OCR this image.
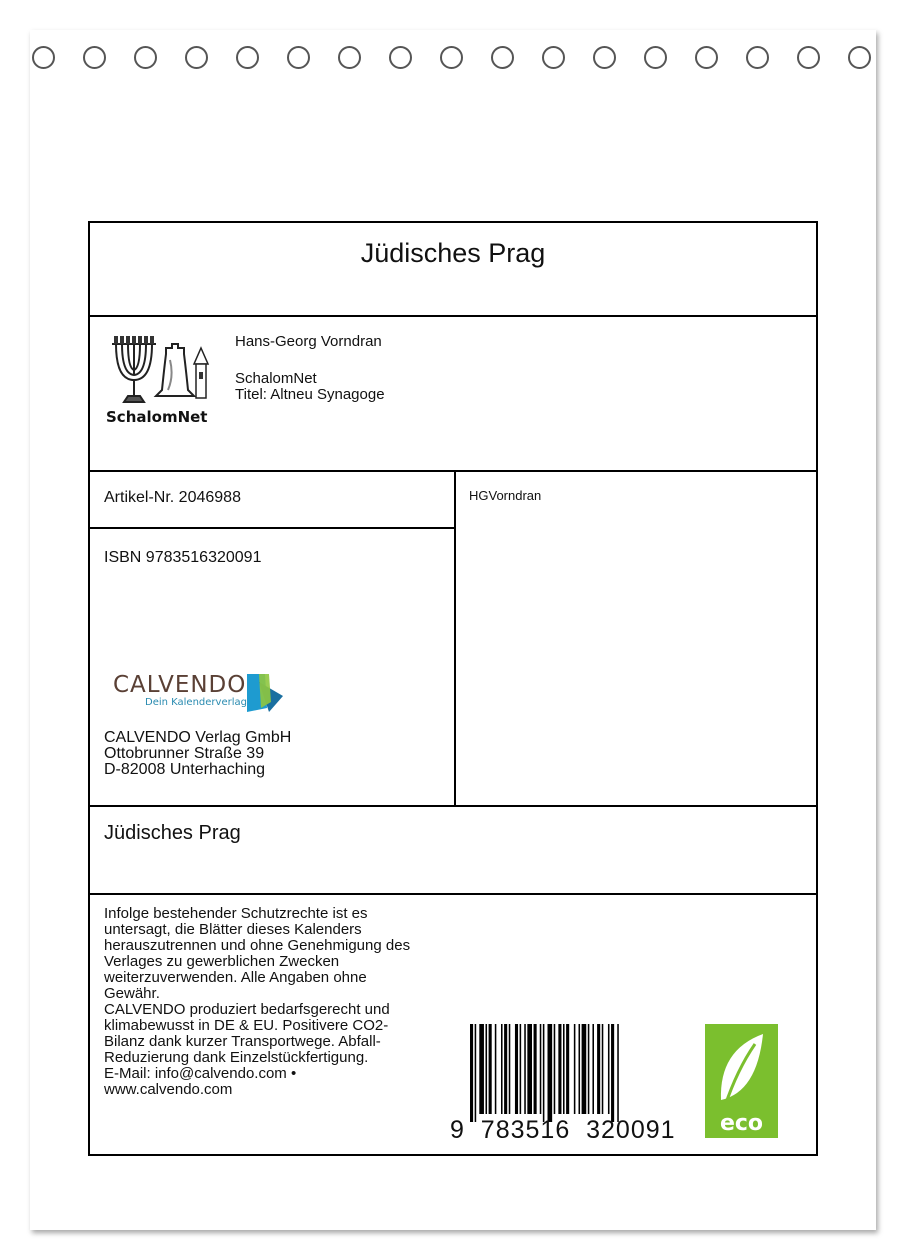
Jüdisches Prag
SchalomNet
Hans-Georg Vorndran
SchalomNet
Titel: Altneu Synagoge
Artikel-Nr. 2046988	HGVorndran
ISBN 9783516320091
CALVENDO
Dein Kalenderverlag
CALVENDO Verlag GmbH
Ottobrunner Straße 39
D-82008 Unterhaching
Jüdisches Prag
Infolge bestehender Schutzrechte ist es
untersagt, die Blätter dieses Kalenders
herauszutrennen und ohne Genehmigung des
Verlages zu gewerblichen Zwecken
weiterzuverwenden. Alle Angaben ohne
Gewähr.
CALVENDO produziert bedarfsgerecht und
klimabewusst in DE & EU. Positivere CO2-
Bilanz dank kurzer Transportwege. Abfall-
Reduzierung dank Einzelstückfertigung.
E-Mail: info@calvendo.com •
www.calvendo.com
9  783516  320091	eco
